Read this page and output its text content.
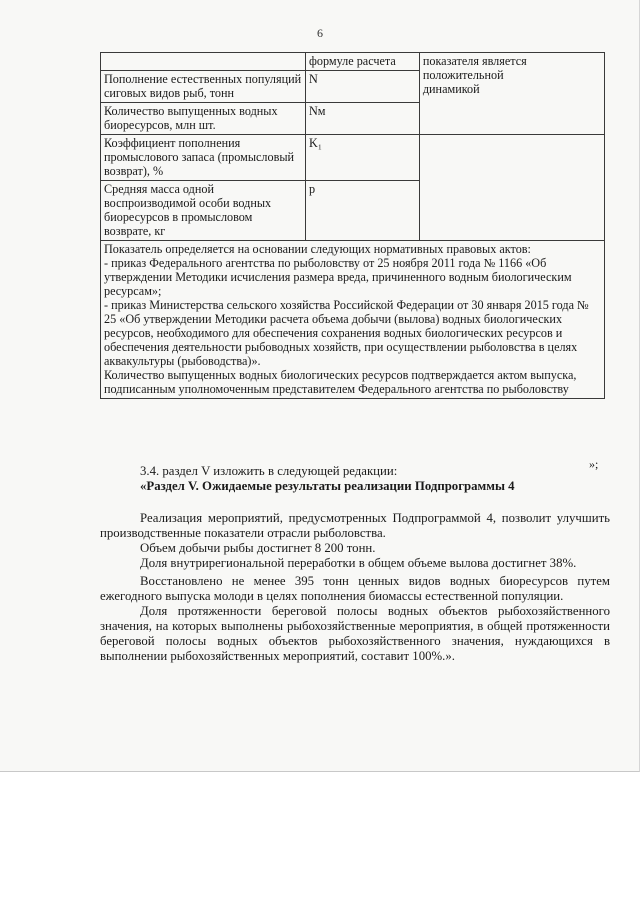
6
	формуле расчета	показателя является
положительной
динамикой

Пополнение естественных популяций сиговых видов рыб, тонн	N	
Количество выпущенных водных биоресурсов, млн шт.	Nм	
Коэффициент пополнения промыслового запаса (промысловый возврат), %	K₁	
Средняя масса одной воспроизводимой особи водных биоресурсов в промысловом возврате, кг	p	

Показатель определяется на основании следующих нормативных правовых актов:

- приказ Федерального агентства по рыболовству от 25 ноября 2011 года № 1166 «Об утверждении Методики исчисления размера вреда, причиненного водным биологическим ресурсам»;

- приказ Министерства сельского хозяйства Российской Федерации от 30 января 2015 года № 25 «Об утверждении Методики расчета объема добычи (вылова) водных биологических ресурсов, необходимого для обеспечения сохранения водных биологических ресурсов и обеспечения деятельности рыбоводных хозяйств, при осуществлении рыболовства в целях аквакультуры (рыбоводства)».

Количество выпущенных водных биологических ресурсов подтверждается актом выпуска, подписанным уполномоченным представителем Федерального агентства по рыболовству		

»;

3.4. раздел V изложить в следующей редакции:

«Раздел V. Ожидаемые результаты реализации Подпрограммы 4

Реализация мероприятий, предусмотренных Подпрограммой 4, позволит улучшить производственные показатели отрасли рыболовства.

Объем добычи рыбы достигнет 8 200 тонн.

Доля внутрирегиональной переработки в общем объеме вылова достигнет 38%.

Восстановлено не менее 395 тонн ценных видов водных биоресурсов путем ежегодного выпуска молоди в целях пополнения биомассы естественной популяции.

Доля протяженности береговой полосы водных объектов рыбохозяйственного значения, на которых выполнены рыбохозяйственные мероприятия, в общей протяженности береговой полосы водных объектов рыбохозяйственного значения, нуждающихся в выполнении рыбохозяйственных мероприятий, составит 100%.».
